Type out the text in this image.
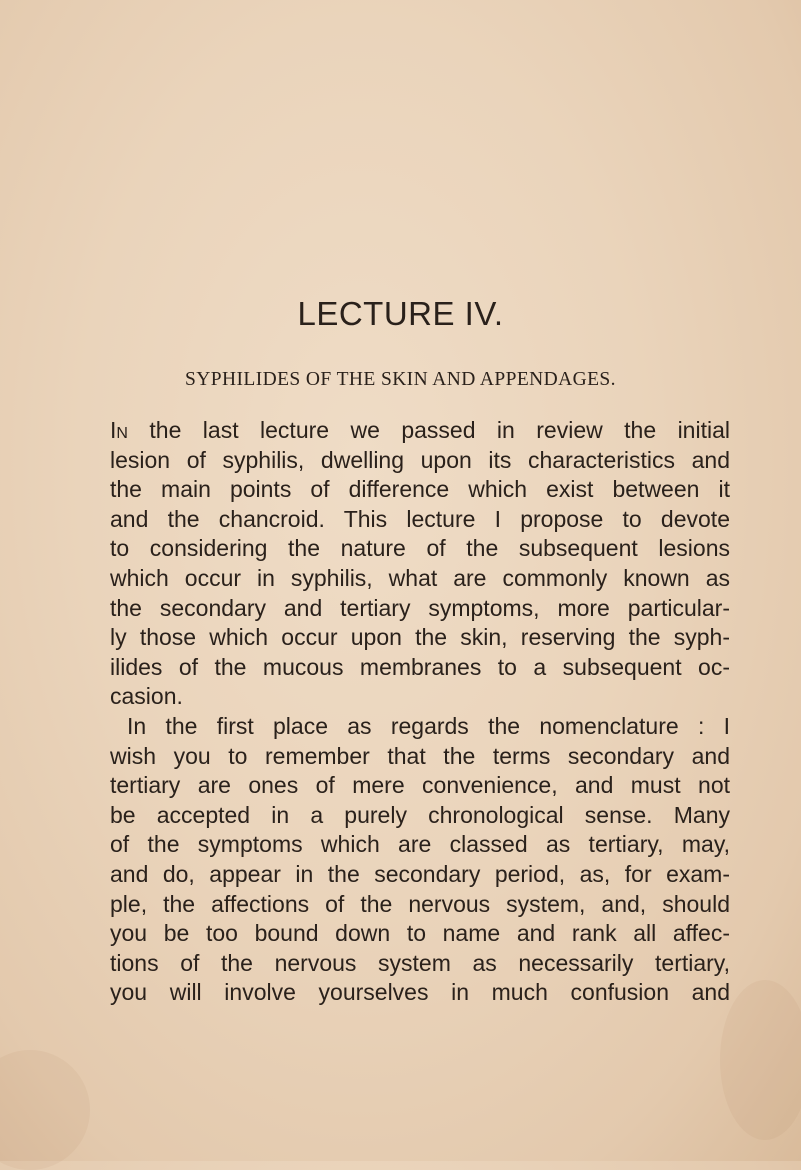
LECTURE IV.
SYPHILIDES OF THE SKIN AND APPENDAGES.
In the last lecture we passed in review the initial
lesion of syphilis, dwelling upon its characteristics and
the main points of difference which exist between it
and the chancroid. This lecture I propose to devote
to considering the nature of the subsequent lesions
which occur in syphilis, what are commonly known as
the secondary and tertiary symptoms, more particular-
ly those which occur upon the skin, reserving the syph-
ilides of the mucous membranes to a subsequent oc-
casion.
In the first place as regards the nomenclature : I
wish you to remember that the terms secondary and
tertiary are ones of mere convenience, and must not
be accepted in a purely chronological sense. Many
of the symptoms which are classed as tertiary, may,
and do, appear in the secondary period, as, for exam-
ple, the affections of the nervous system, and, should
you be too bound down to name and rank all affec-
tions of the nervous system as necessarily tertiary,
you will involve yourselves in much confusion and
